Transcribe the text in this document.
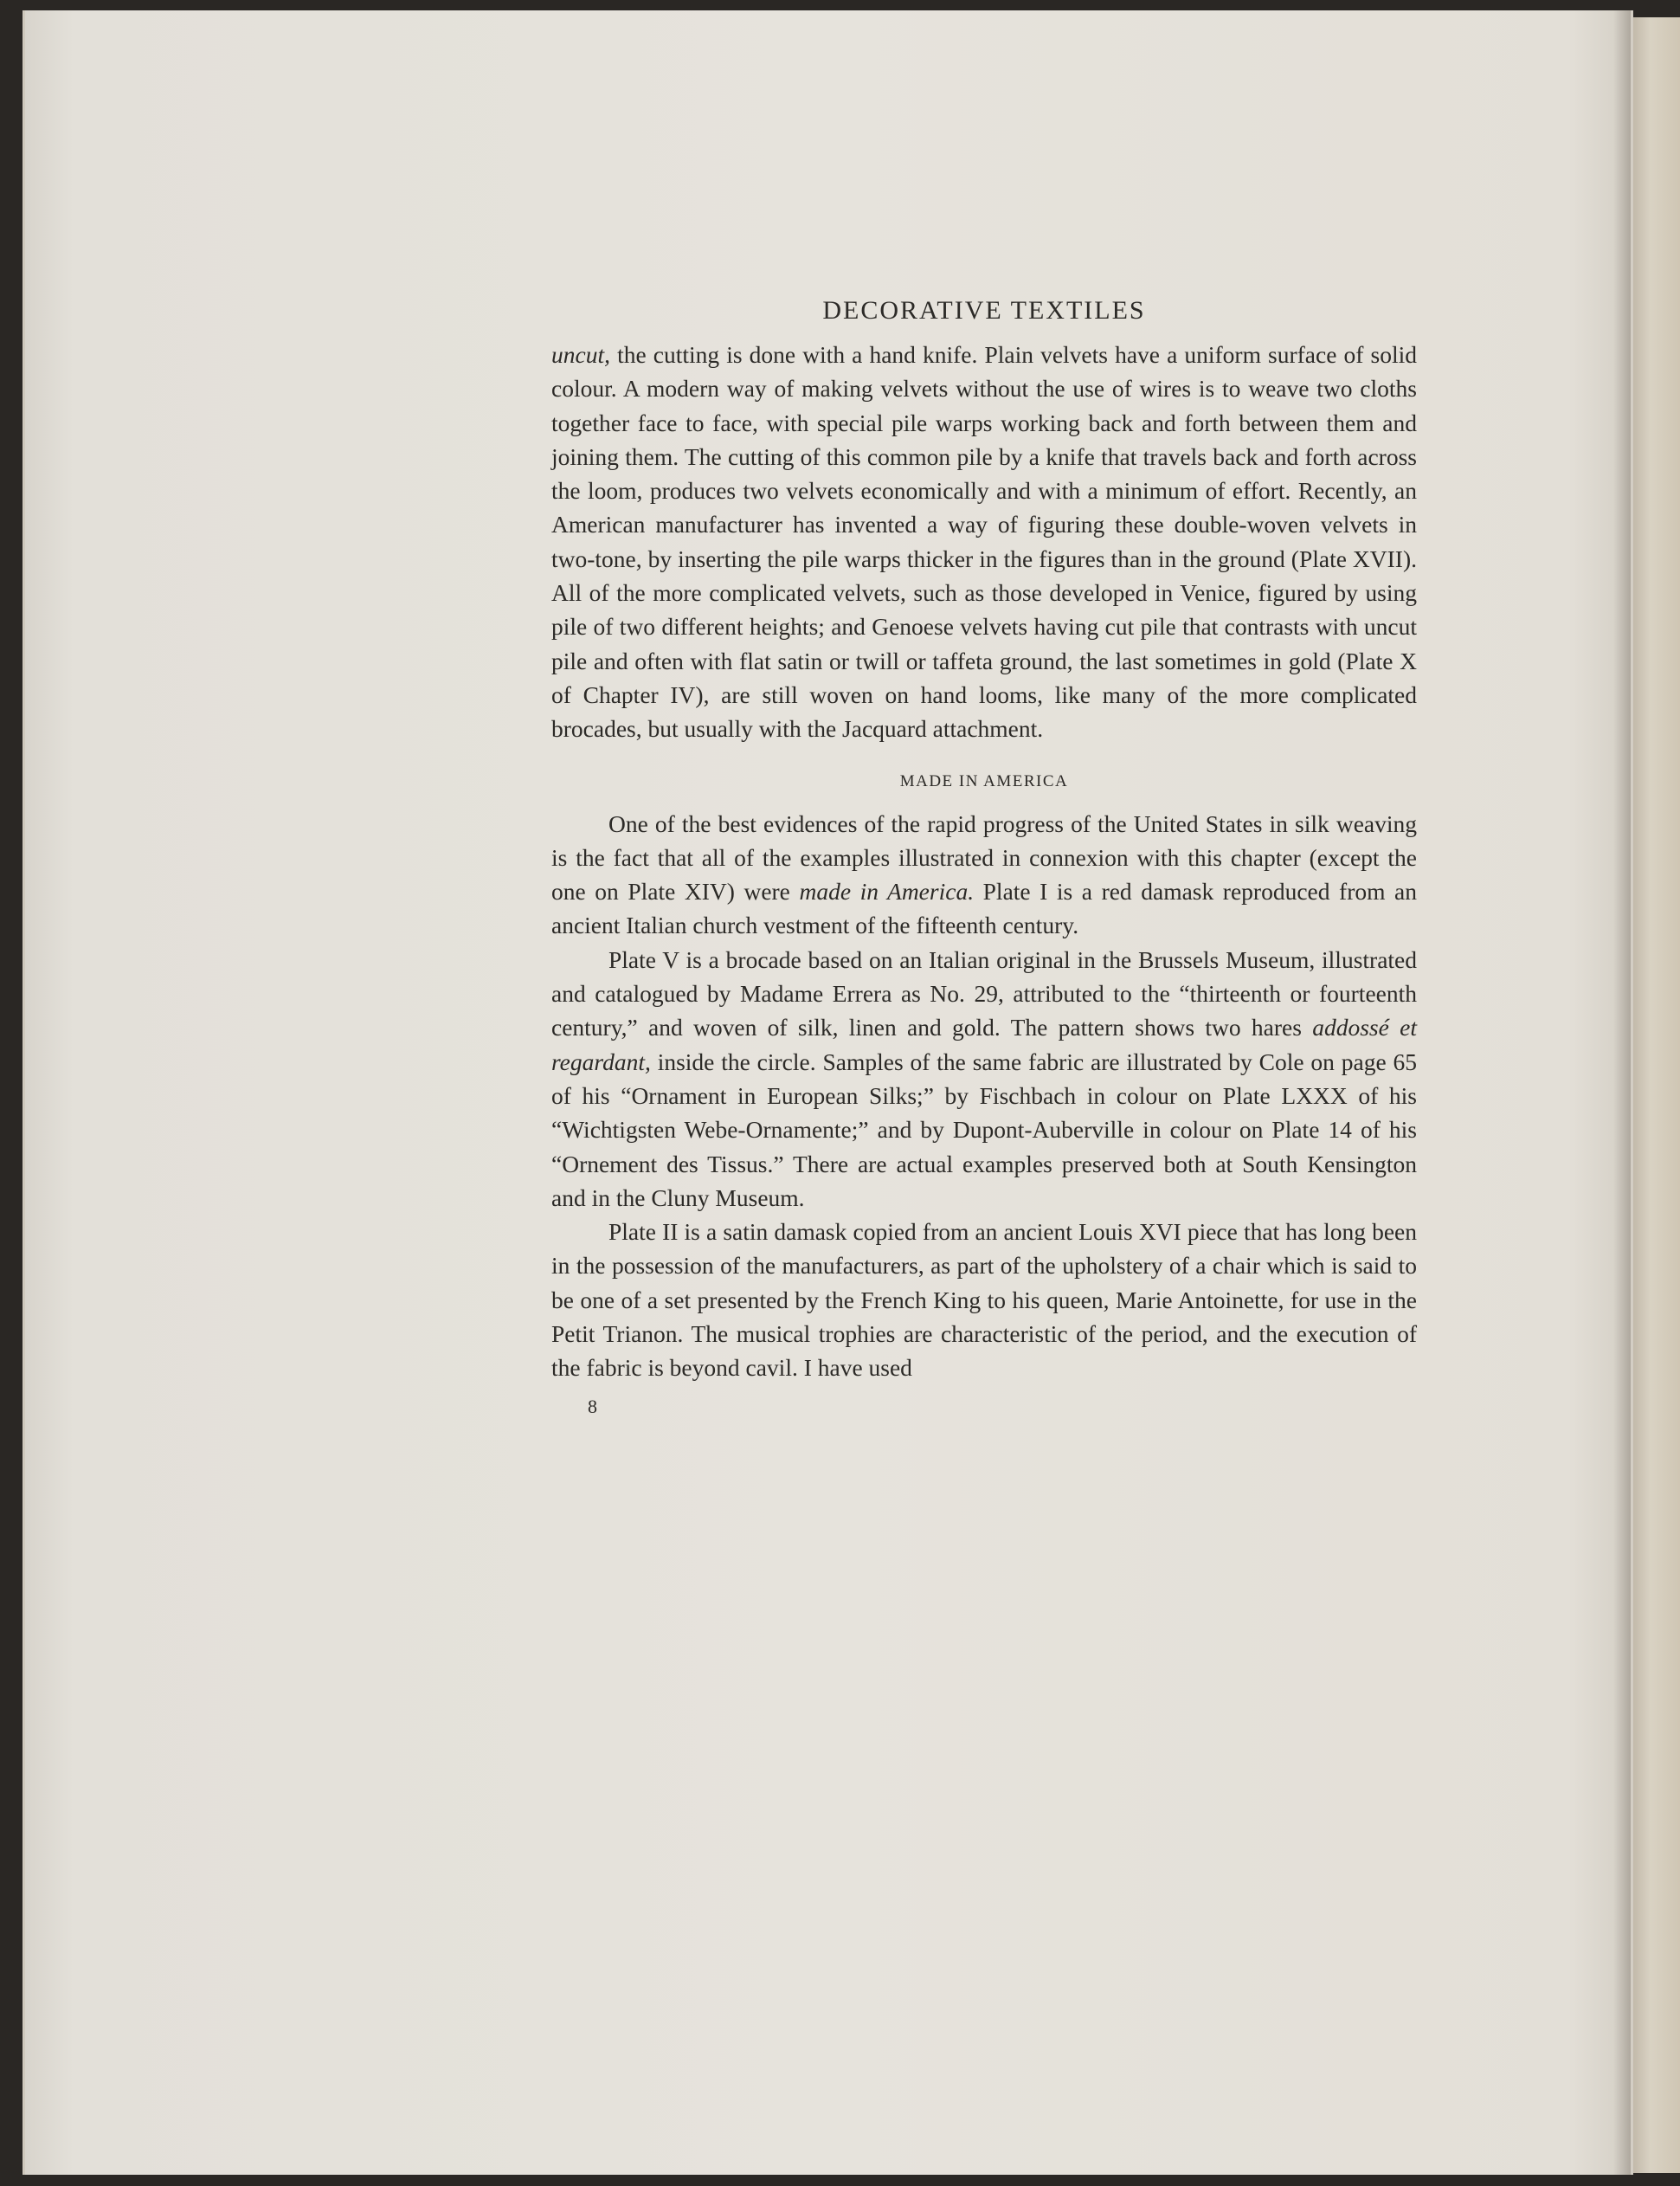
DECORATIVE TEXTILES

uncut, the cutting is done with a hand knife. Plain velvets have a uniform surface of solid colour. A modern way of making velvets without the use of wires is to weave two cloths together face to face, with special pile warps working back and forth between them and joining them. The cutting of this common pile by a knife that travels back and forth across the loom, produces two velvets economically and with a minimum of effort. Recently, an American manufacturer has invented a way of figuring these double-woven velvets in two-tone, by inserting the pile warps thicker in the figures than in the ground (Plate XVII). All of the more complicated velvets, such as those developed in Venice, figured by using pile of two different heights; and Genoese velvets having cut pile that contrasts with uncut pile and often with flat satin or twill or taffeta ground, the last sometimes in gold (Plate X of Chapter IV), are still woven on hand looms, like many of the more complicated brocades, but usually with the Jacquard attachment.

MADE IN AMERICA

One of the best evidences of the rapid progress of the United States in silk weaving is the fact that all of the examples illustrated in connexion with this chapter (except the one on Plate XIV) were made in America. Plate I is a red damask reproduced from an ancient Italian church vestment of the fifteenth century.

Plate V is a brocade based on an Italian original in the Brussels Museum, illustrated and catalogued by Madame Errera as No. 29, attributed to the “thirteenth or fourteenth century,” and woven of silk, linen and gold. The pattern shows two hares addossé et regardant, inside the circle. Samples of the same fabric are illustrated by Cole on page 65 of his “Ornament in European Silks;” by Fischbach in colour on Plate LXXX of his “Wichtigsten Webe-Ornamente;” and by Dupont-Auberville in colour on Plate 14 of his “Ornement des Tissus.” There are actual examples preserved both at South Kensington and in the Cluny Museum.

Plate II is a satin damask copied from an ancient Louis XVI piece that has long been in the possession of the manufacturers, as part of the upholstery of a chair which is said to be one of a set presented by the French King to his queen, Marie Antoinette, for use in the Petit Trianon. The musical trophies are characteristic of the period, and the execution of the fabric is beyond cavil. I have used

8
